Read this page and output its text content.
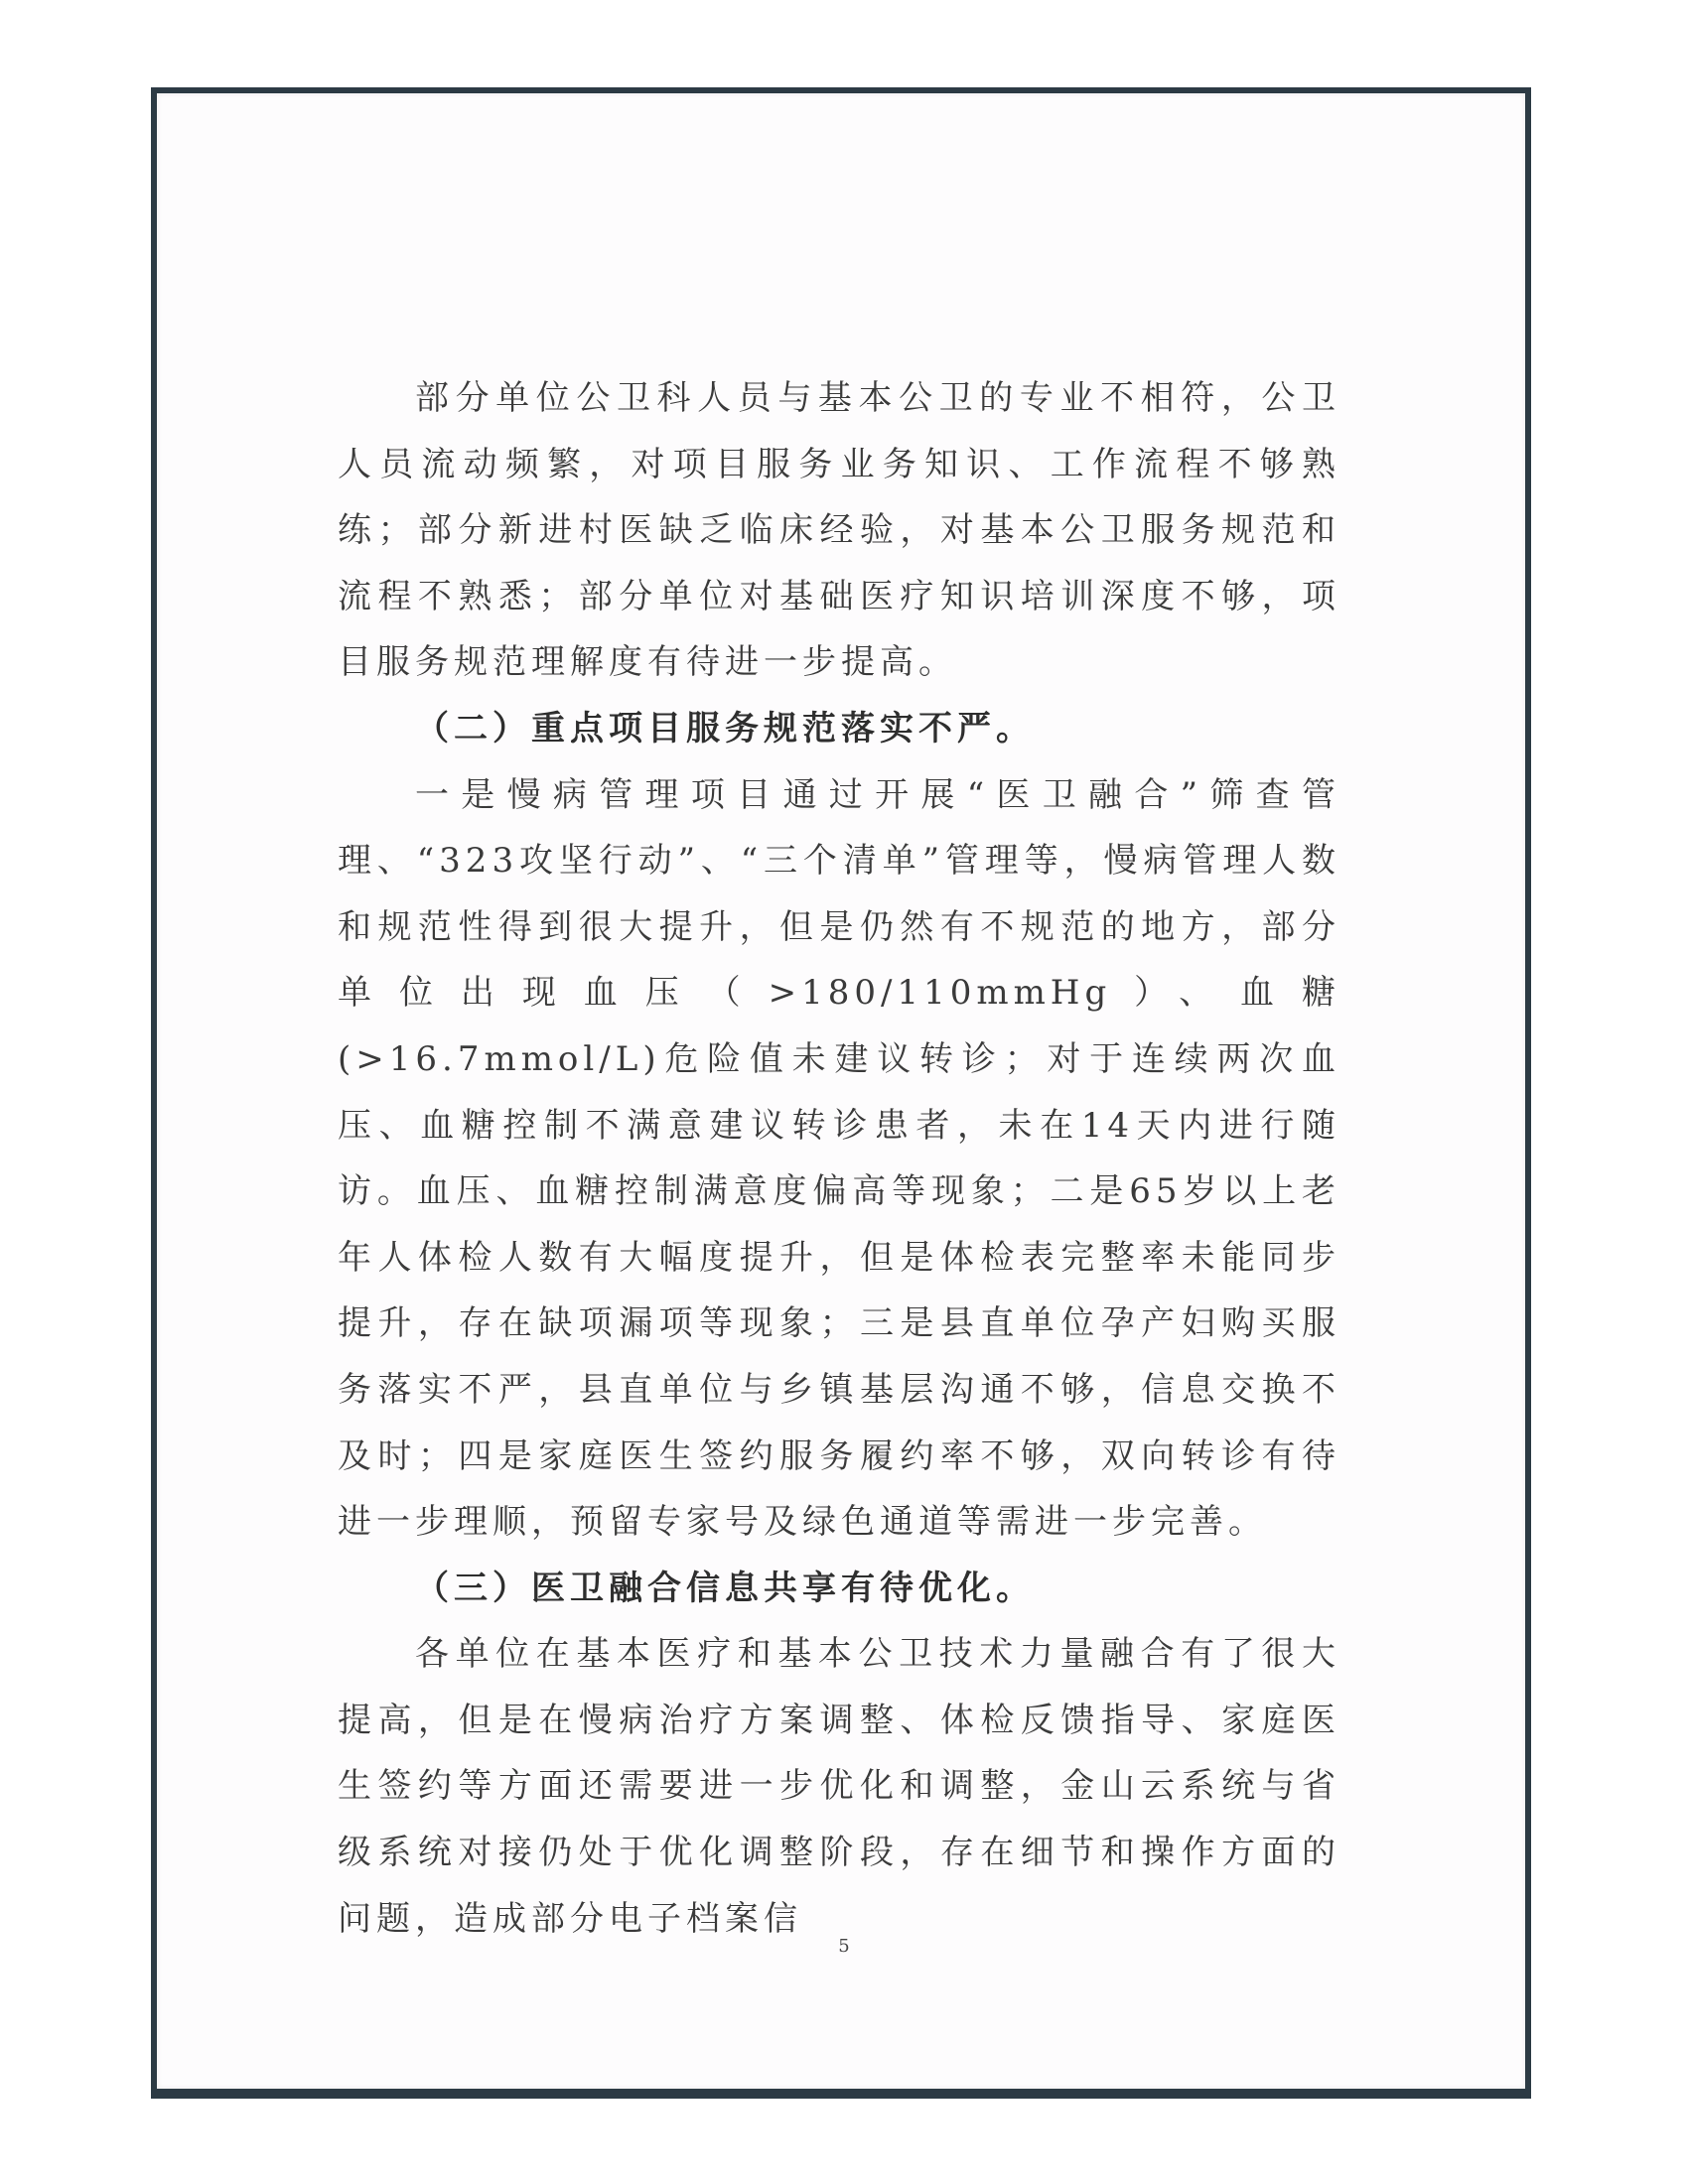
部分单位公卫科人员与基本公卫的专业不相符，公卫人员流动频繁，对项目服务业务知识、工作流程不够熟练；部分新进村医缺乏临床经验，对基本公卫服务规范和流程不熟悉；部分单位对基础医疗知识培训深度不够，项目服务规范理解度有待进一步提高。

（二）重点项目服务规范落实不严。

一是慢病管理项目通过开展“医卫融合”筛查管理、“323攻坚行动”、“三个清单”管理等，慢病管理人数和规范性得到很大提升，但是仍然有不规范的地方，部分单位出现血压（>180/110mmHg）、血糖(>16.7mmol/L)危险值未建议转诊；对于连续两次血压、血糖控制不满意建议转诊患者，未在14天内进行随访。血压、血糖控制满意度偏高等现象；二是65岁以上老年人体检人数有大幅度提升，但是体检表完整率未能同步提升，存在缺项漏项等现象；三是县直单位孕产妇购买服务落实不严，县直单位与乡镇基层沟通不够，信息交换不及时；四是家庭医生签约服务履约率不够，双向转诊有待进一步理顺，预留专家号及绿色通道等需进一步完善。

（三）医卫融合信息共享有待优化。

各单位在基本医疗和基本公卫技术力量融合有了很大提高，但是在慢病治疗方案调整、体检反馈指导、家庭医生签约等方面还需要进一步优化和调整，金山云系统与省级系统对接仍处于优化调整阶段，存在细节和操作方面的问题，造成部分电子档案信

5
